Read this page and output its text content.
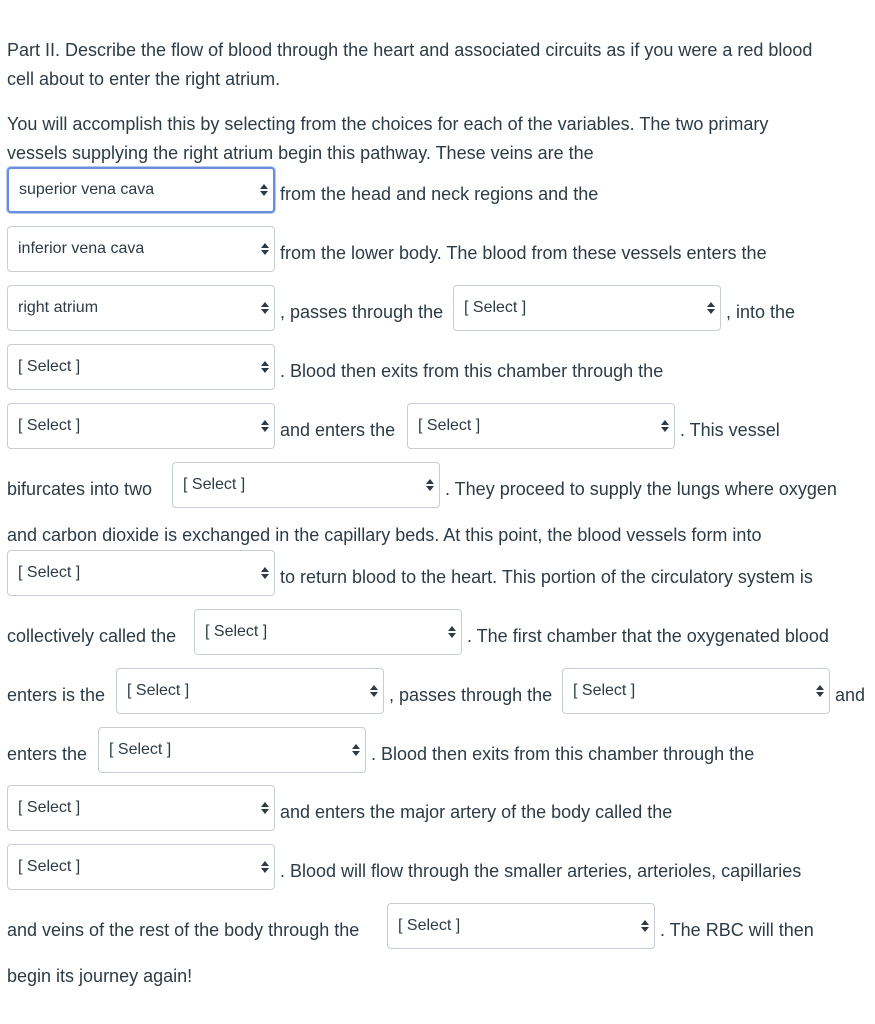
Part II. Describe the flow of blood through the heart and associated circuits as if you were a red blood
cell about to enter the right atrium.
You will accomplish this by selecting from the choices for each of the variables. The two primary
vessels supplying the right atrium begin this pathway. These veins are the
superior vena cava	from the head and neck regions and the
inferior vena cava	from the lower body. The blood from these vessels enters the
right atrium	, passes through the [ Select ]	, into the
[ Select ]	. Blood then exits from this chamber through the
[ Select ]	and enters the [ Select ]	. This vessel
bifurcates into two [ Select ]	. They proceed to supply the lungs where oxygen
and carbon dioxide is exchanged in the capillary beds. At this point, the blood vessels form into
[ Select ]	to return blood to the heart. This portion of the circulatory system is
collectively called the [ Select ]	. The first chamber that the oxygenated blood
enters is the [ Select ]	, passes through the [ Select ]	and
enters the [ Select ]	. Blood then exits from this chamber through the
[ Select ]	and enters the major artery of the body called the
[ Select ]	. Blood will flow through the smaller arteries, arterioles, capillaries
and veins of the rest of the body through the [ Select ]	. The RBC will then
begin its journey again!
